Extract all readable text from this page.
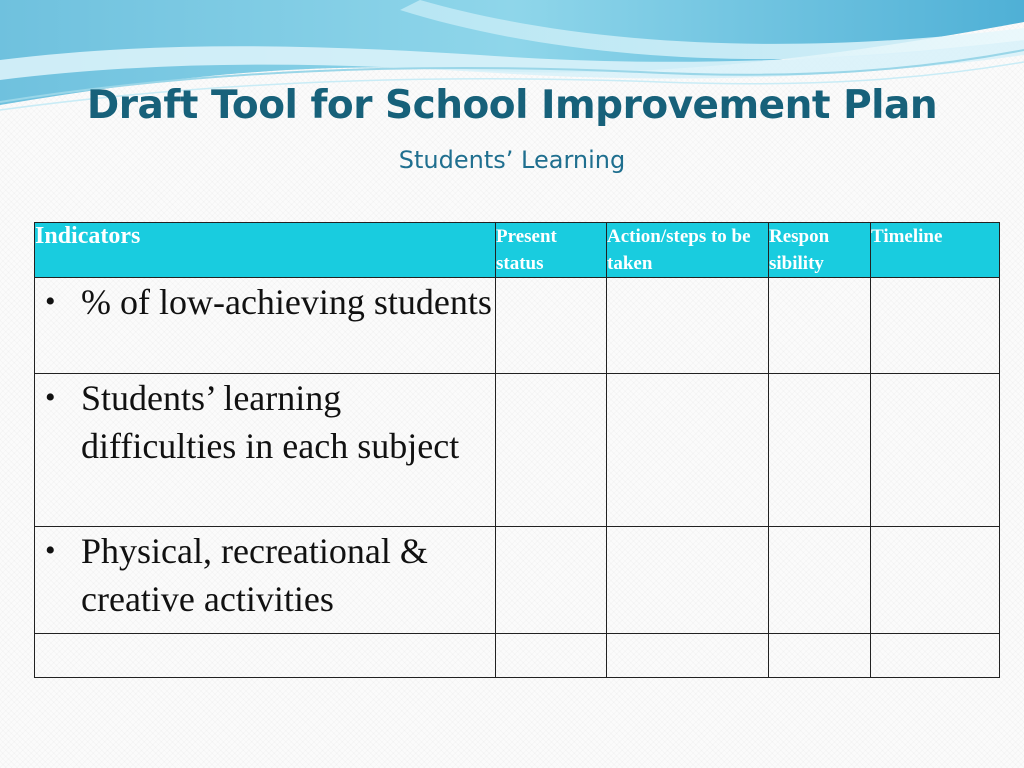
Draft Tool for School Improvement Plan
Students’ Learning
Indicators	Present status	Action/steps to be taken	Respon sibility	Timeline

• % of low-achieving students				

• Students’ learning difficulties in each subject				

• Physical, recreational & creative activities				
